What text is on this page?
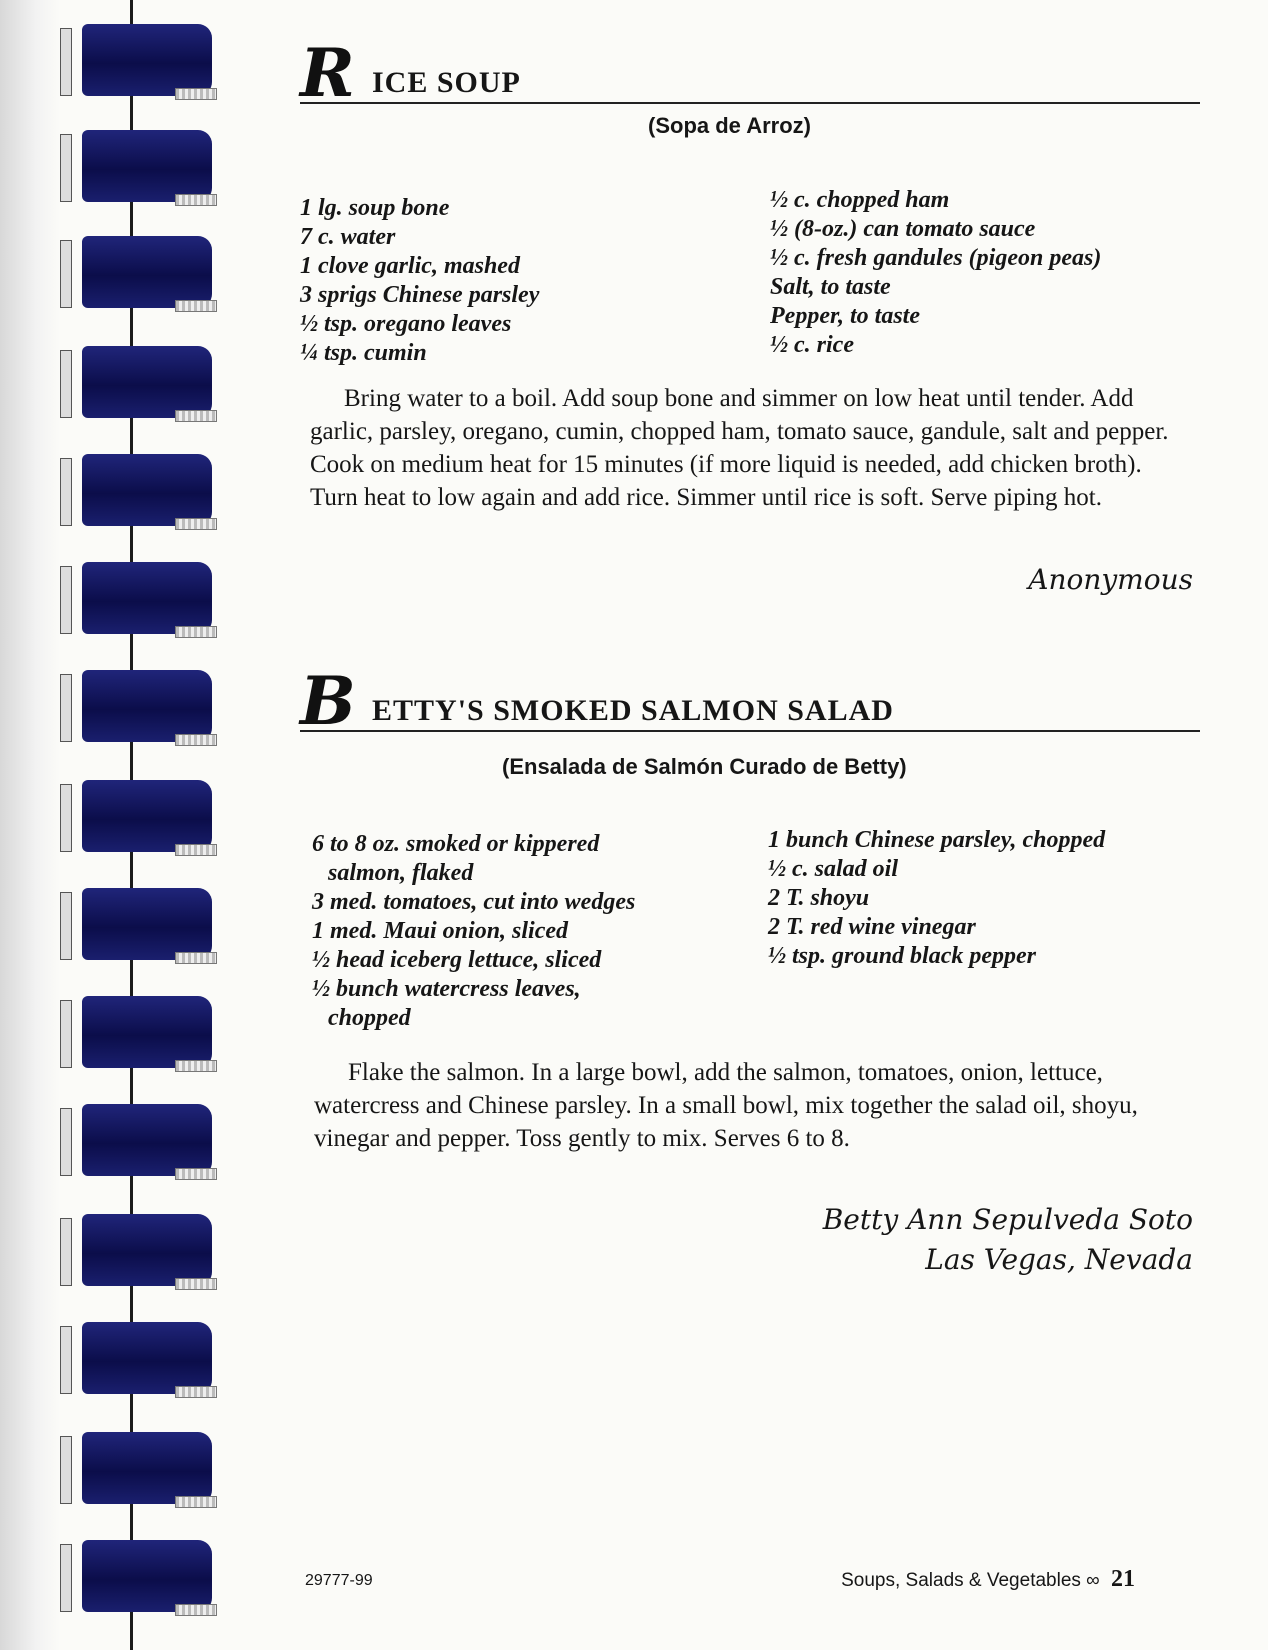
R ICE SOUP
(Sopa de Arroz)
1 lg. soup bone
7 c. water
1 clove garlic, mashed
3 sprigs Chinese parsley
½ tsp. oregano leaves
¼ tsp. cumin
½ c. chopped ham
½ (8-oz.) can tomato sauce
½ c. fresh gandules (pigeon peas)
Salt, to taste
Pepper, to taste
½ c. rice
Bring water to a boil. Add soup bone and simmer on low heat until tender. Add garlic, parsley, oregano, cumin, chopped ham, tomato sauce, gandule, salt and pepper. Cook on medium heat for 15 minutes (if more liquid is needed, add chicken broth). Turn heat to low again and add rice. Simmer until rice is soft. Serve piping hot.
Anonymous
B ETTY'S SMOKED SALMON SALAD
(Ensalada de Salmón Curado de Betty)
6 to 8 oz. smoked or kippered
salmon, flaked
3 med. tomatoes, cut into wedges
1 med. Maui onion, sliced
½ head iceberg lettuce, sliced
½ bunch watercress leaves,
chopped
1 bunch Chinese parsley, chopped
½ c. salad oil
2 T. shoyu
2 T. red wine vinegar
½ tsp. ground black pepper
Flake the salmon. In a large bowl, add the salmon, tomatoes, onion, lettuce, watercress and Chinese parsley. In a small bowl, mix together the salad oil, shoyu, vinegar and pepper. Toss gently to mix. Serves 6 to 8.
Betty Ann Sepulveda Soto
Las Vegas, Nevada
29777-99	Soups, Salads & Vegetables ∞ 21
